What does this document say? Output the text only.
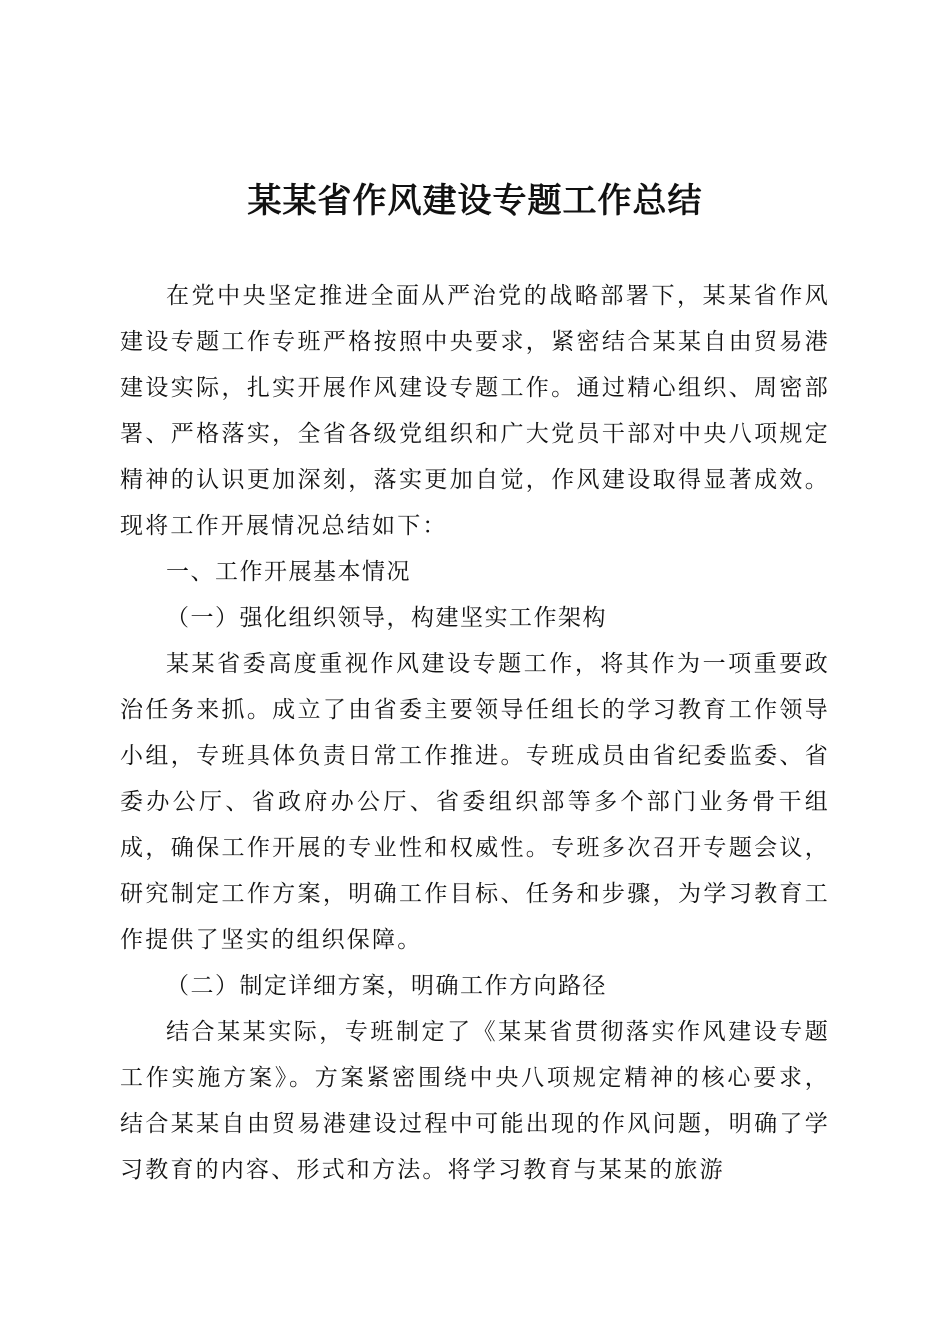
某某省作风建设专题工作总结

在党中央坚定推进全面从严治党的战略部署下，某某省作风建设专题工作专班严格按照中央要求，紧密结合某某自由贸易港建设实际，扎实开展作风建设专题工作。通过精心组织、周密部署、严格落实，全省各级党组织和广大党员干部对中央八项规定精神的认识更加深刻，落实更加自觉，作风建设取得显著成效。现将工作开展情况总结如下：

一、工作开展基本情况

（一）强化组织领导，构建坚实工作架构

某某省委高度重视作风建设专题工作，将其作为一项重要政治任务来抓。成立了由省委主要领导任组长的学习教育工作领导小组，专班具体负责日常工作推进。专班成员由省纪委监委、省委办公厅、省政府办公厅、省委组织部等多个部门业务骨干组成，确保工作开展的专业性和权威性。专班多次召开专题会议，研究制定工作方案，明确工作目标、任务和步骤，为学习教育工作提供了坚实的组织保障。

（二）制定详细方案，明确工作方向路径

结合某某实际，专班制定了《某某省贯彻落实作风建设专题工作实施方案》。方案紧密围绕中央八项规定精神的核心要求，结合某某自由贸易港建设过程中可能出现的作风问题，明确了学习教育的内容、形式和方法。将学习教育与某某的旅游
